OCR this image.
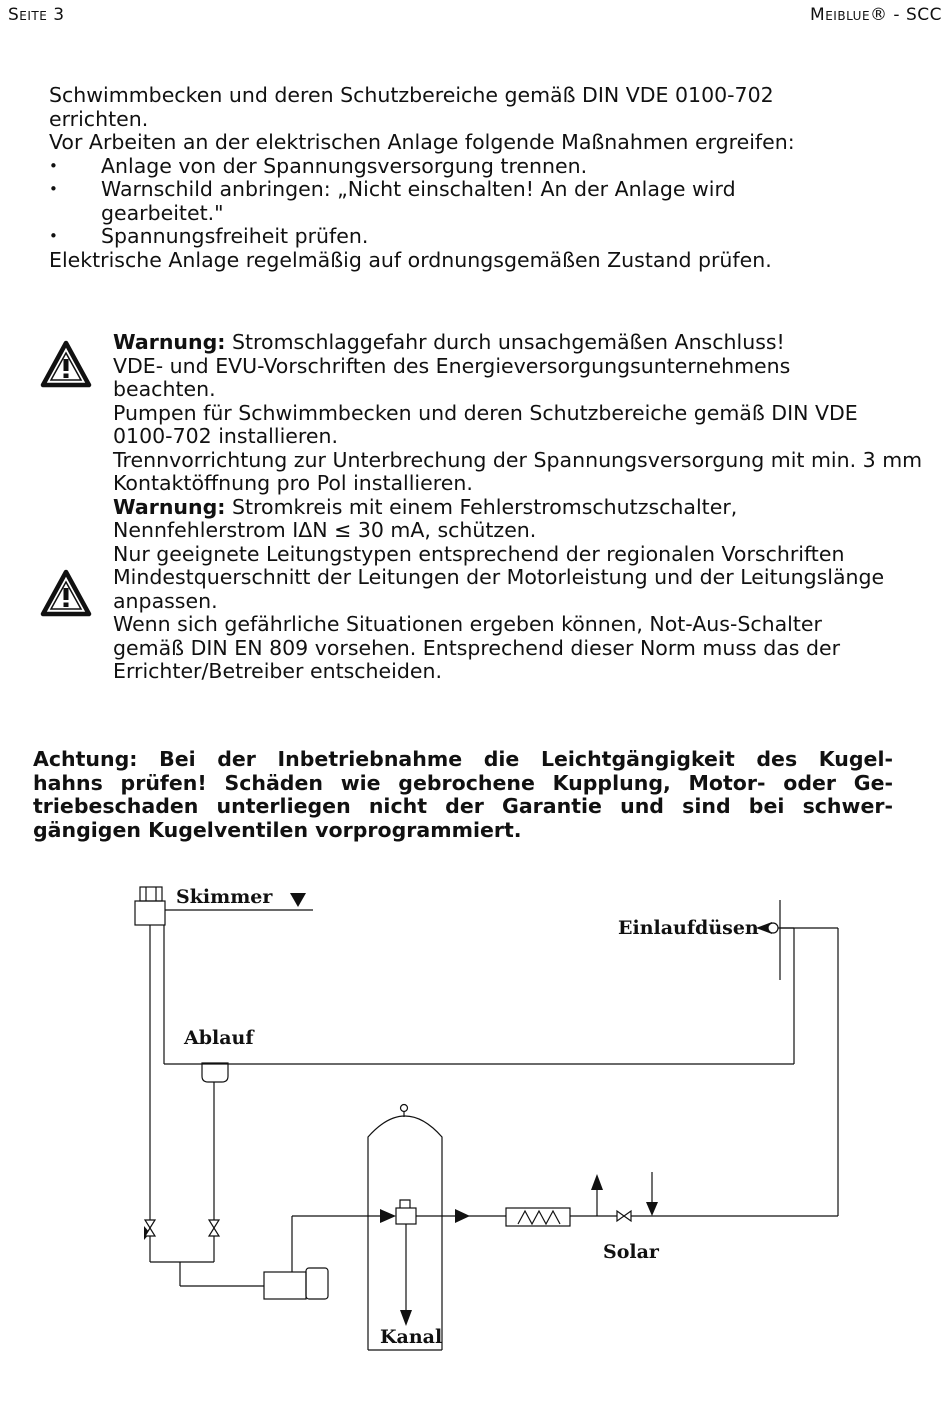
Seite 3	Meiblue® - SCC

Schwimmbecken und deren Schutzbereiche gemäß DIN VDE 0100-702

errichten.

Vor Arbeiten an der elektrischen Anlage folgende Maßnahmen ergreifen:

• Anlage von der Spannungsversorgung trennen.

• Warnschild anbringen: „Nicht einschalten! An der Anlage wird gearbeitet."

• Spannungsfreiheit prüfen.

Elektrische Anlage regelmäßig auf ordnungsgemäßen Zustand prüfen.

Warnung: Stromschlaggefahr durch unsachgemäßen Anschluss!

VDE- und EVU-Vorschriften des Energieversorgungsunternehmens beachten.

Pumpen für Schwimmbecken und deren Schutzbereiche gemäß DIN VDE 0100-702 installieren.

Trennvorrichtung zur Unterbrechung der Spannungsversorgung mit min. 3 mm Kontaktöffnung pro Pol installieren.

Warnung: Stromkreis mit einem Fehlerstromschutzschalter, Nennfehlerstrom IΔN ≤ 30 mA, schützen.

Nur geeignete Leitungstypen entsprechend der regionalen Vorschriften Mindestquerschnitt der Leitungen der Motorleistung und der Leitungslänge anpassen.

Wenn sich gefährliche Situationen ergeben können, Not-Aus-Schalter gemäß DIN EN 809 vorsehen. Entsprechend dieser Norm muss das der Errichter/Betreiber entscheiden.

Achtung: Bei der Inbetriebnahme die Leichtgängigkeit des Kugel-
hahns prüfen! Schäden wie gebrochene Kupplung, Motor- oder Ge-
triebeschaden unterliegen nicht der Garantie und sind bei schwer-
gängigen Kugelventilen vorprogrammiert.
Skimmer
Einlaufdüsen
Ablauf
Solar
Kanal
